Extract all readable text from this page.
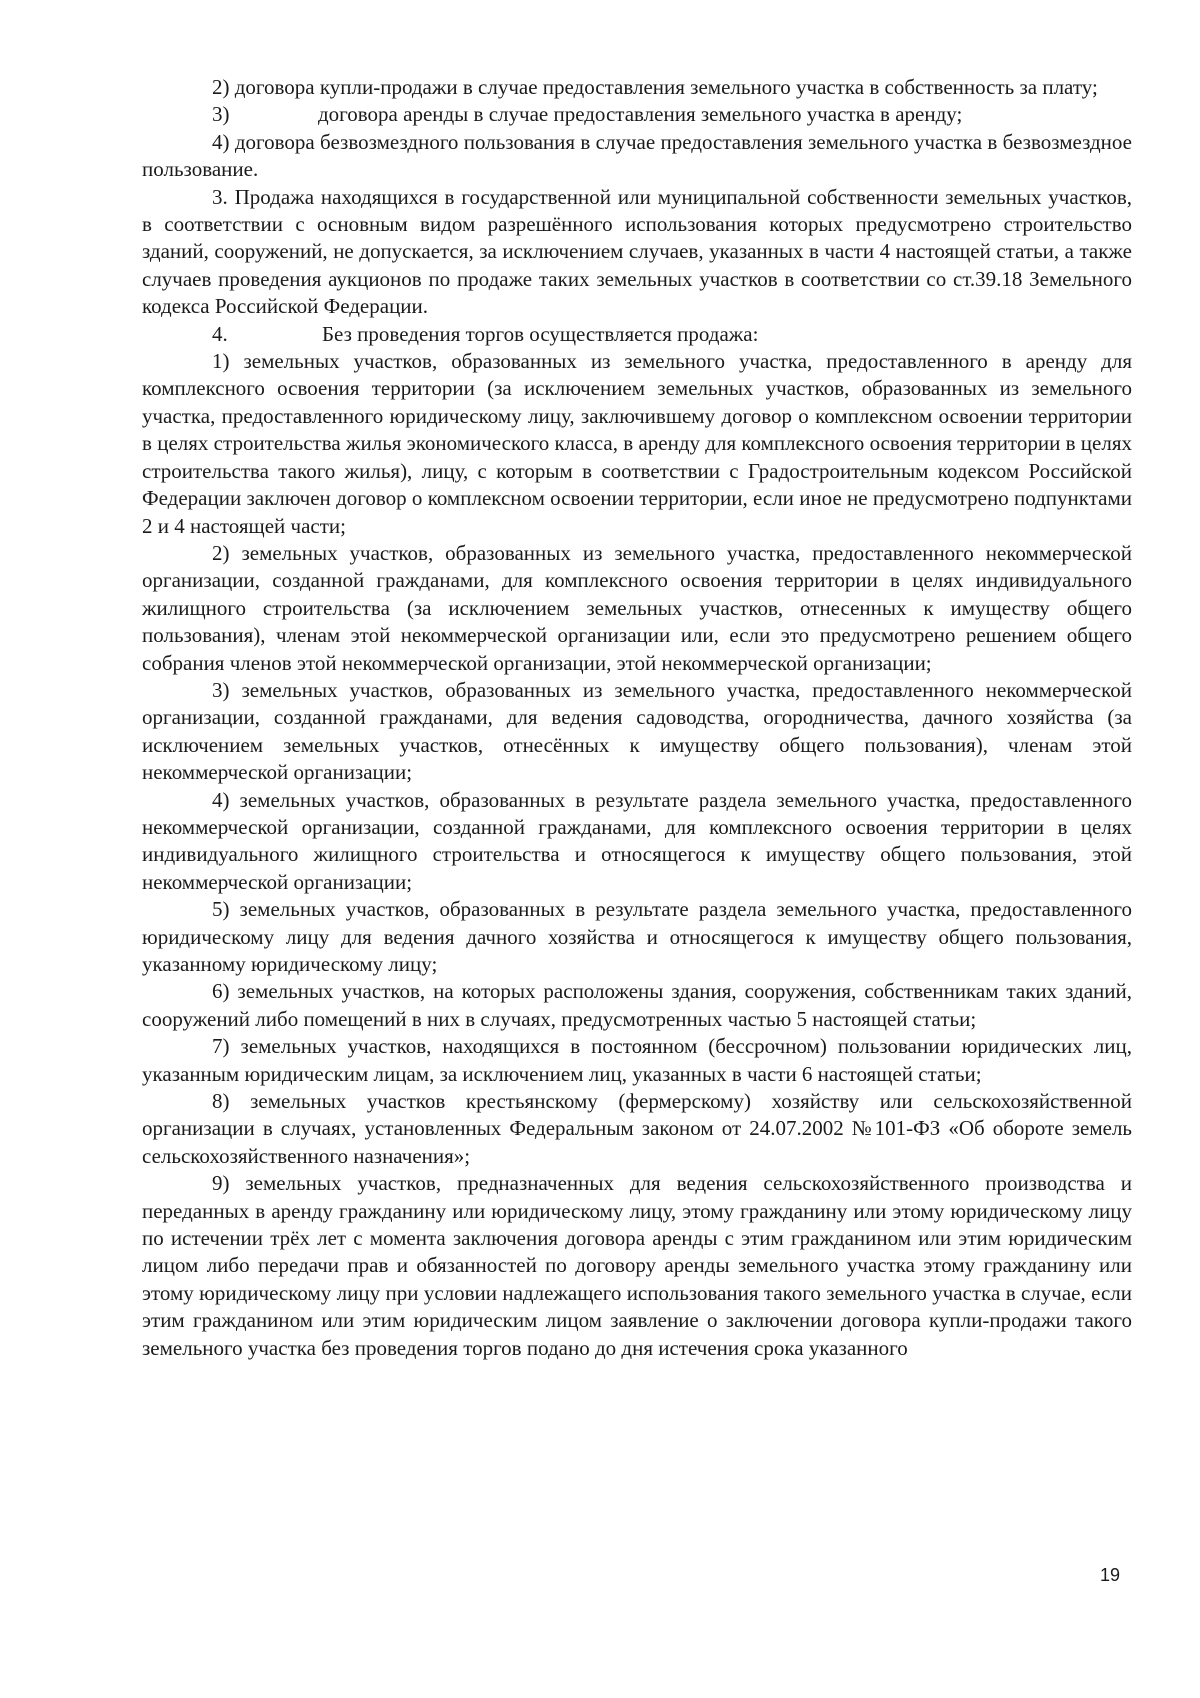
2) договора купли-продажи в случае предоставления земельного участка в собственность за плату;

3)	договора аренды в случае предоставления земельного участка в аренду;

4) договора безвозмездного пользования в случае предоставления земельного участка в безвозмездное пользование.

3. Продажа находящихся в государственной или муниципальной собственности земельных участков, в соответствии с основным видом разрешённого использования которых предусмотрено строительство зданий, сооружений, не допускается, за исключением случаев, указанных в части 4 настоящей статьи, а также случаев проведения аукционов по продаже таких земельных участков в соответствии со ст.39.18 Земельного кодекса Российской Федерации.

4.	Без проведения торгов осуществляется продажа:

1) земельных участков, образованных из земельного участка, предоставленного в аренду для комплексного освоения территории (за исключением земельных участков, образованных из земельного участка, предоставленного юридическому лицу, заключившему договор о комплексном освоении территории в целях строительства жилья экономического класса, в аренду для комплексного освоения территории в целях строительства такого жилья), лицу, с которым в соответствии с Градостроительным кодексом Российской Федерации заключен договор о комплексном освоении территории, если иное не предусмотрено подпунктами 2 и 4 настоящей части;

2) земельных участков, образованных из земельного участка, предоставленного некоммерческой организации, созданной гражданами, для комплексного освоения территории в целях индивидуального жилищного строительства (за исключением земельных участков, отнесенных к имуществу общего пользования), членам этой некоммерческой организации или, если это предусмотрено решением общего собрания членов этой некоммерческой организации, этой некоммерческой организации;

3) земельных участков, образованных из земельного участка, предоставленного некоммерческой организации, созданной гражданами, для ведения садоводства, огородничества, дачного хозяйства (за исключением земельных участков, отнесённых к имуществу общего пользования), членам этой некоммерческой организации;

4) земельных участков, образованных в результате раздела земельного участка, предоставленного некоммерческой организации, созданной гражданами, для комплексного освоения территории в целях индивидуального жилищного строительства и относящегося к имуществу общего пользования, этой некоммерческой организации;

5) земельных участков, образованных в результате раздела земельного участка, предоставленного юридическому лицу для ведения дачного хозяйства и относящегося к имуществу общего пользования, указанному юридическому лицу;

6) земельных участков, на которых расположены здания, сооружения, собственникам таких зданий, сооружений либо помещений в них в случаях, предусмотренных частью 5 настоящей статьи;

7) земельных участков, находящихся в постоянном (бессрочном) пользовании юридических лиц, указанным юридическим лицам, за исключением лиц, указанных в части 6 настоящей статьи;

8) земельных участков крестьянскому (фермерскому) хозяйству или сельскохозяйственной организации в случаях, установленных Федеральным законом от 24.07.2002 №101-ФЗ «Об обороте земель сельскохозяйственного назначения»;

9) земельных участков, предназначенных для ведения сельскохозяйственного производства и переданных в аренду гражданину или юридическому лицу, этому гражданину или этому юридическому лицу по истечении трёх лет с момента заключения договора аренды с этим гражданином или этим юридическим лицом либо передачи прав и обязанностей по договору аренды земельного участка этому гражданину или этому юридическому лицу при условии надлежащего использования такого земельного участка в случае, если этим гражданином или этим юридическим лицом заявление о заключении договора купли-продажи такого земельного участка без проведения торгов подано до дня истечения срока указанного

19
